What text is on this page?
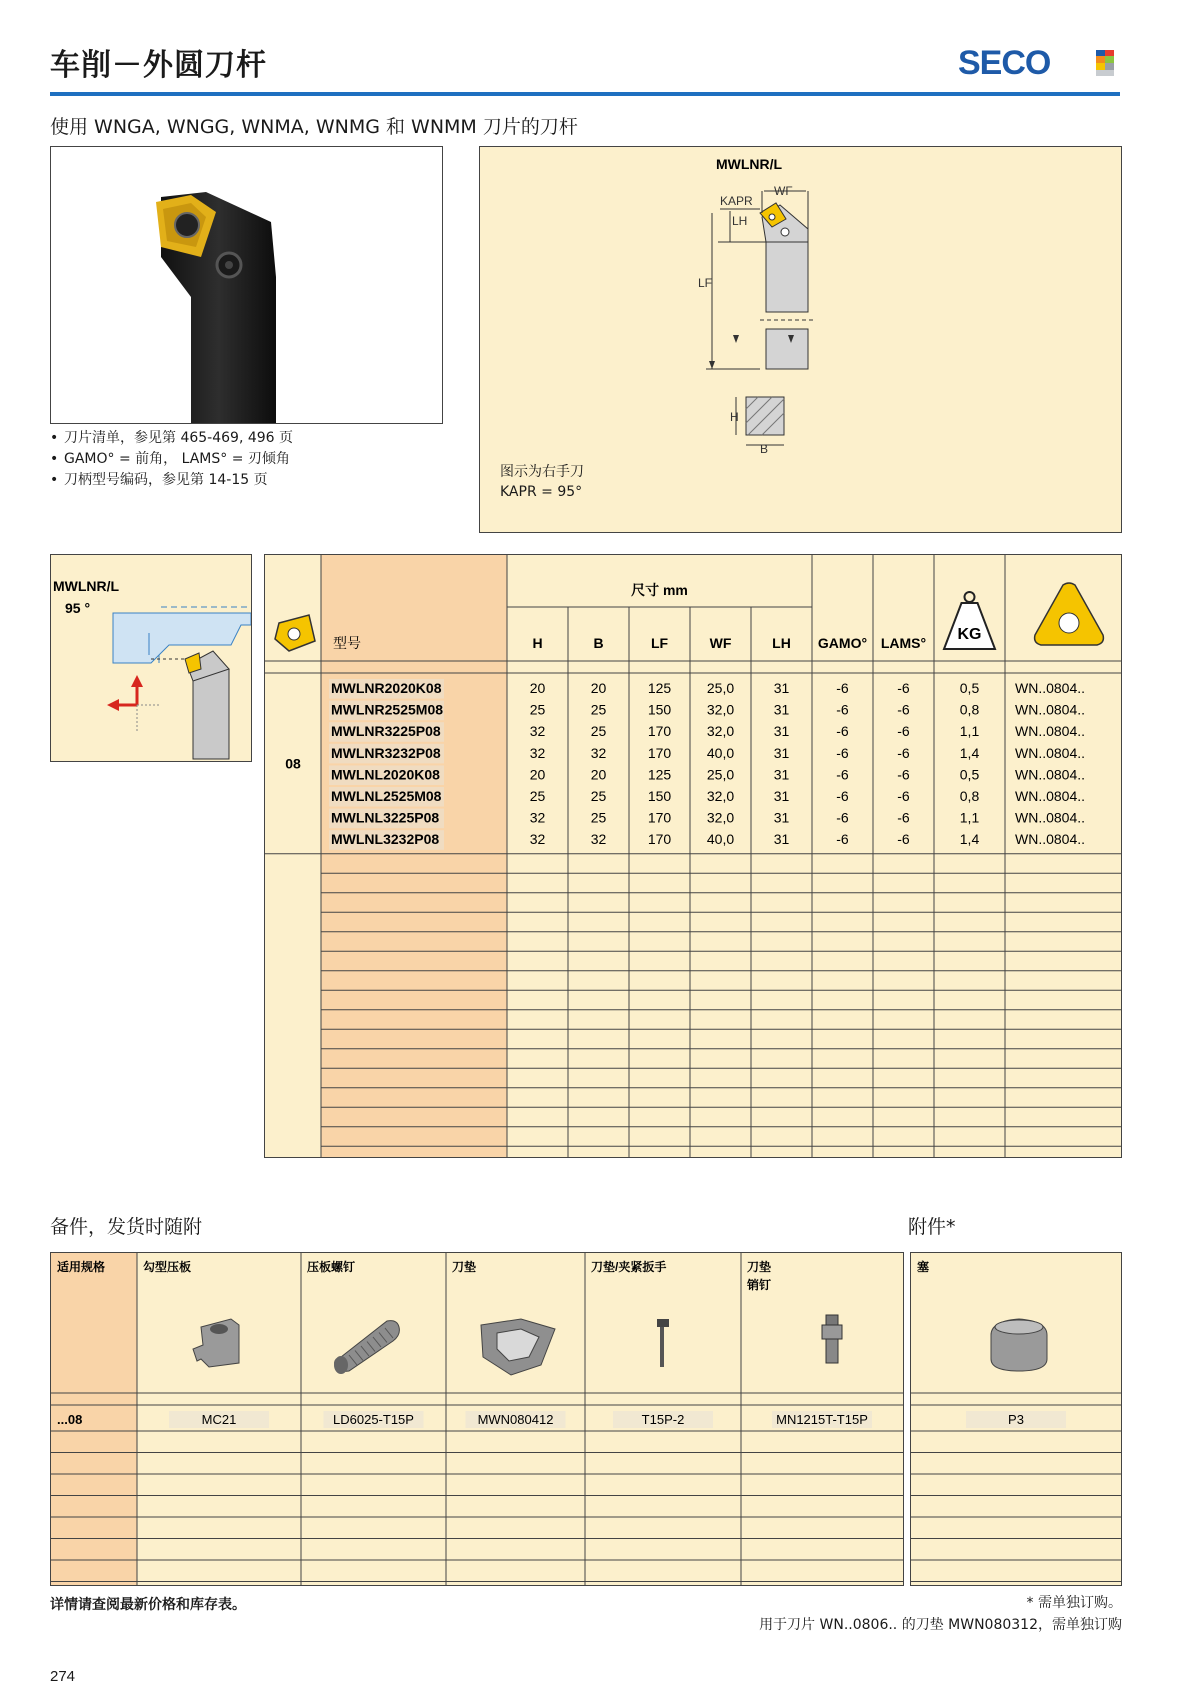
车削－外圆刀杆	SECO
使用 WNGA, WNGG, WNMA, WNMG 和 WNMM 刀片的刀杆
• 刀片清单，参见第 465-469, 496 页
• GAMO° = 前角， LAMS° = 刃倾角
• 刀柄型号编码，参见第 14-15 页
MWLNR/L
WF
KAPR
LH
LF
H
B
图示为右手刀
KAPR = 95°
MWLNR/L
95 °
尺寸 mm
型号	H	B	LF	WF	LH GAMO° LAMS° KG
MWLNR2020K08	20	20	125	25,0	31	-6	-6	0,5	WN..0804..
MWLNR2525M08	25	25	150	32,0	31	-6	-6	0,8	WN..0804..
MWLNR3225P08	32	25	170	32,0	31	-6	-6	1,1	WN..0804..
MWLNR3232P08	32	32	170	40,0	31	-6	-6	1,4	WN..0804..
MWLNL2020K08	20	20	125	25,0	31	-6	-6	0,5	WN..0804..
MWLNL2525M08	25	25	150	32,0	31	-6	-6	0,8	WN..0804..
MWLNL3225P08	32	25	170	32,0	31	-6	-6	1,1	WN..0804..
MWLNL3232P08	32	32	170	40,0	31	-6	-6	1,4	WN..0804..
08
备件，发货时随附	附件*
适用规格	勾型压板	压板螺钉	刀垫	刀垫/夹紧扳手	刀垫
销钉
...08	MC21	LD6025-T15P	MWN080412	T15P-2	MN1215T-T15P
塞
P3
详情请查阅最新价格和库存表。	* 需单独订购。
用于刀片 WN..0806.. 的刀垫 MWN080312，需单独订购
274
